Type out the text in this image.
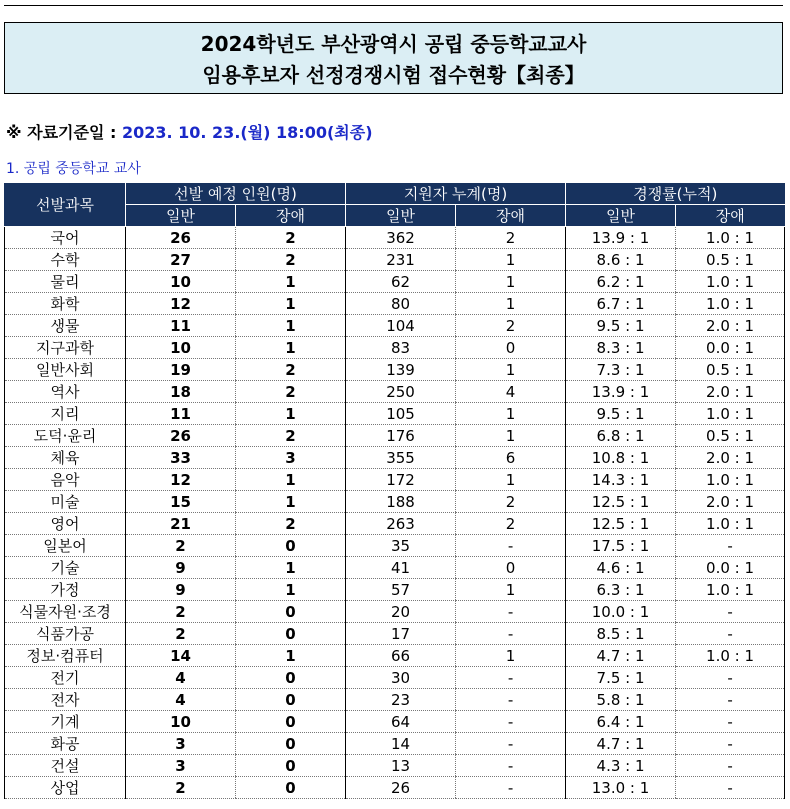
2024학년도 부산광역시 공립 중등학교교사
임용후보자 선정경쟁시험 접수현황【최종】
※ 자료기준일 : 2023. 10. 23.(월) 18:00(최종)
1. 공립 중등학교 교사
선발과목	선발 예정 인원(명)		지원자 누계(명)		경쟁률(누적)	
	일반	장애	일반	장애	일반	장애
국어	26	2	362	2	13.9 : 1	1.0 : 1
수학	27	2	231	1	8.6 : 1	0.5 : 1
물리	10	1	62	1	6.2 : 1	1.0 : 1
화학	12	1	80	1	6.7 : 1	1.0 : 1
생물	11	1	104	2	9.5 : 1	2.0 : 1
지구과학	10	1	83	0	8.3 : 1	0.0 : 1
일반사회	19	2	139	1	7.3 : 1	0.5 : 1
역사	18	2	250	4	13.9 : 1	2.0 : 1
지리	11	1	105	1	9.5 : 1	1.0 : 1
도덕·윤리	26	2	176	1	6.8 : 1	0.5 : 1
체육	33	3	355	6	10.8 : 1	2.0 : 1
음악	12	1	172	1	14.3 : 1	1.0 : 1
미술	15	1	188	2	12.5 : 1	2.0 : 1
영어	21	2	263	2	12.5 : 1	1.0 : 1
일본어	2	0	35	-	17.5 : 1	-
기술	9	1	41	0	4.6 : 1	0.0 : 1
가정	9	1	57	1	6.3 : 1	1.0 : 1
식물자원·조경	2	0	20	-	10.0 : 1	-
식품가공	2	0	17	-	8.5 : 1	-
정보·컴퓨터	14	1	66	1	4.7 : 1	1.0 : 1
전기	4	0	30	-	7.5 : 1	-
전자	4	0	23	-	5.8 : 1	-
기계	10	0	64	-	6.4 : 1	-
화공	3	0	14	-	4.7 : 1	-
건설	3	0	13	-	4.3 : 1	-
상업	2	0	26	-	13.0 : 1	-
